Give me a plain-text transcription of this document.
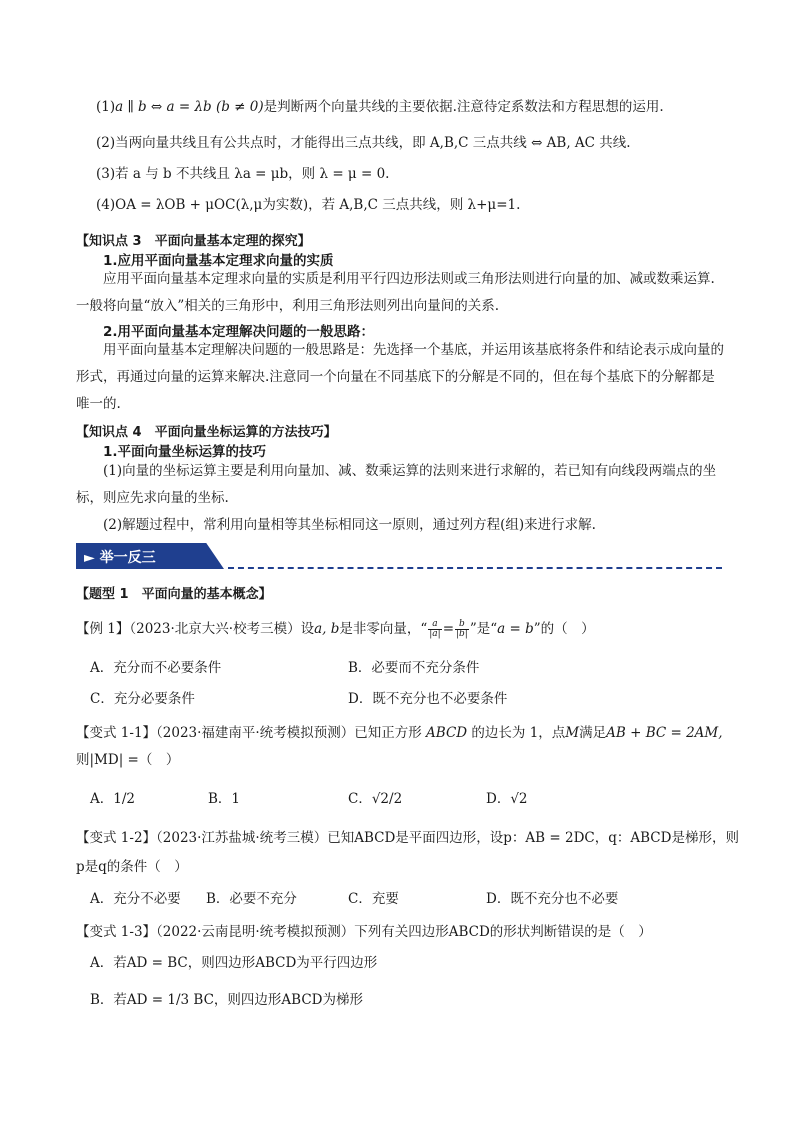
(1)a ∥ b ⇔ a = λb (b ≠ 0)是判断两个向量共线的主要依据.注意待定系数法和方程思想的运用.
(2)当两向量共线且有公共点时，才能得出三点共线，即 A,B,C 三点共线 ⇔ AB, AC 共线.
(3)若 a 与 b 不共线且 λa = μb，则 λ = μ = 0.
(4)OA = λOB + μOC(λ,μ为实数)，若 A,B,C 三点共线，则 λ+μ=1.
【知识点 3　平面向量基本定理的探究】
1.应用平面向量基本定理求向量的实质
应用平面向量基本定理求向量的实质是利用平行四边形法则或三角形法则进行向量的加、减或数乘运算.一般将向量“放入”相关的三角形中，利用三角形法则列出向量间的关系.
2.用平面向量基本定理解决问题的一般思路：
用平面向量基本定理解决问题的一般思路是：先选择一个基底，并运用该基底将条件和结论表示成向量的形式，再通过向量的运算来解决.注意同一个向量在不同基底下的分解是不同的，但在每个基底下的分解都是唯一的.
【知识点 4　平面向量坐标运算的方法技巧】
1.平面向量坐标运算的技巧
(1)向量的坐标运算主要是利用向量加、减、数乘运算的法则来进行求解的，若已知有向线段两端点的坐标，则应先求向量的坐标.
(2)解题过程中，常利用向量相等其坐标相同这一原则，通过列方程(组)来进行求解.
► 举一反三
【题型 1　平面向量的基本概念】
【例 1】（2023·北京大兴·校考三模）设a, b是非零向量，“ $\frac{a}{|a|} = \frac{b}{|b|}$ ”是“a = b”的（　）
A．充分而不必要条件	B．必要而不充分条件
C．充分必要条件	D．既不充分也不必要条件
【变式 1-1】（2023·福建南平·统考模拟预测）已知正方形 ABCD 的边长为 1，点M满足AB + BC = 2AM,
则|MD| =（　）
A．1/2	B．1	C．√2/2	D．√2
【变式 1-2】（2023·江苏盐城·统考三模）已知ABCD是平面四边形，设p：AB = 2DC，q：ABCD是梯形，则
p是q的条件（　）
A．充分不必要 B．必要不充分	C．充要	D．既不充分也不必要
【变式 1-3】（2022·云南昆明·统考模拟预测）下列有关四边形ABCD的形状判断错误的是（　）
A．若AD = BC，则四边形ABCD为平行四边形
B．若AD = 1/3 BC，则四边形ABCD为梯形
